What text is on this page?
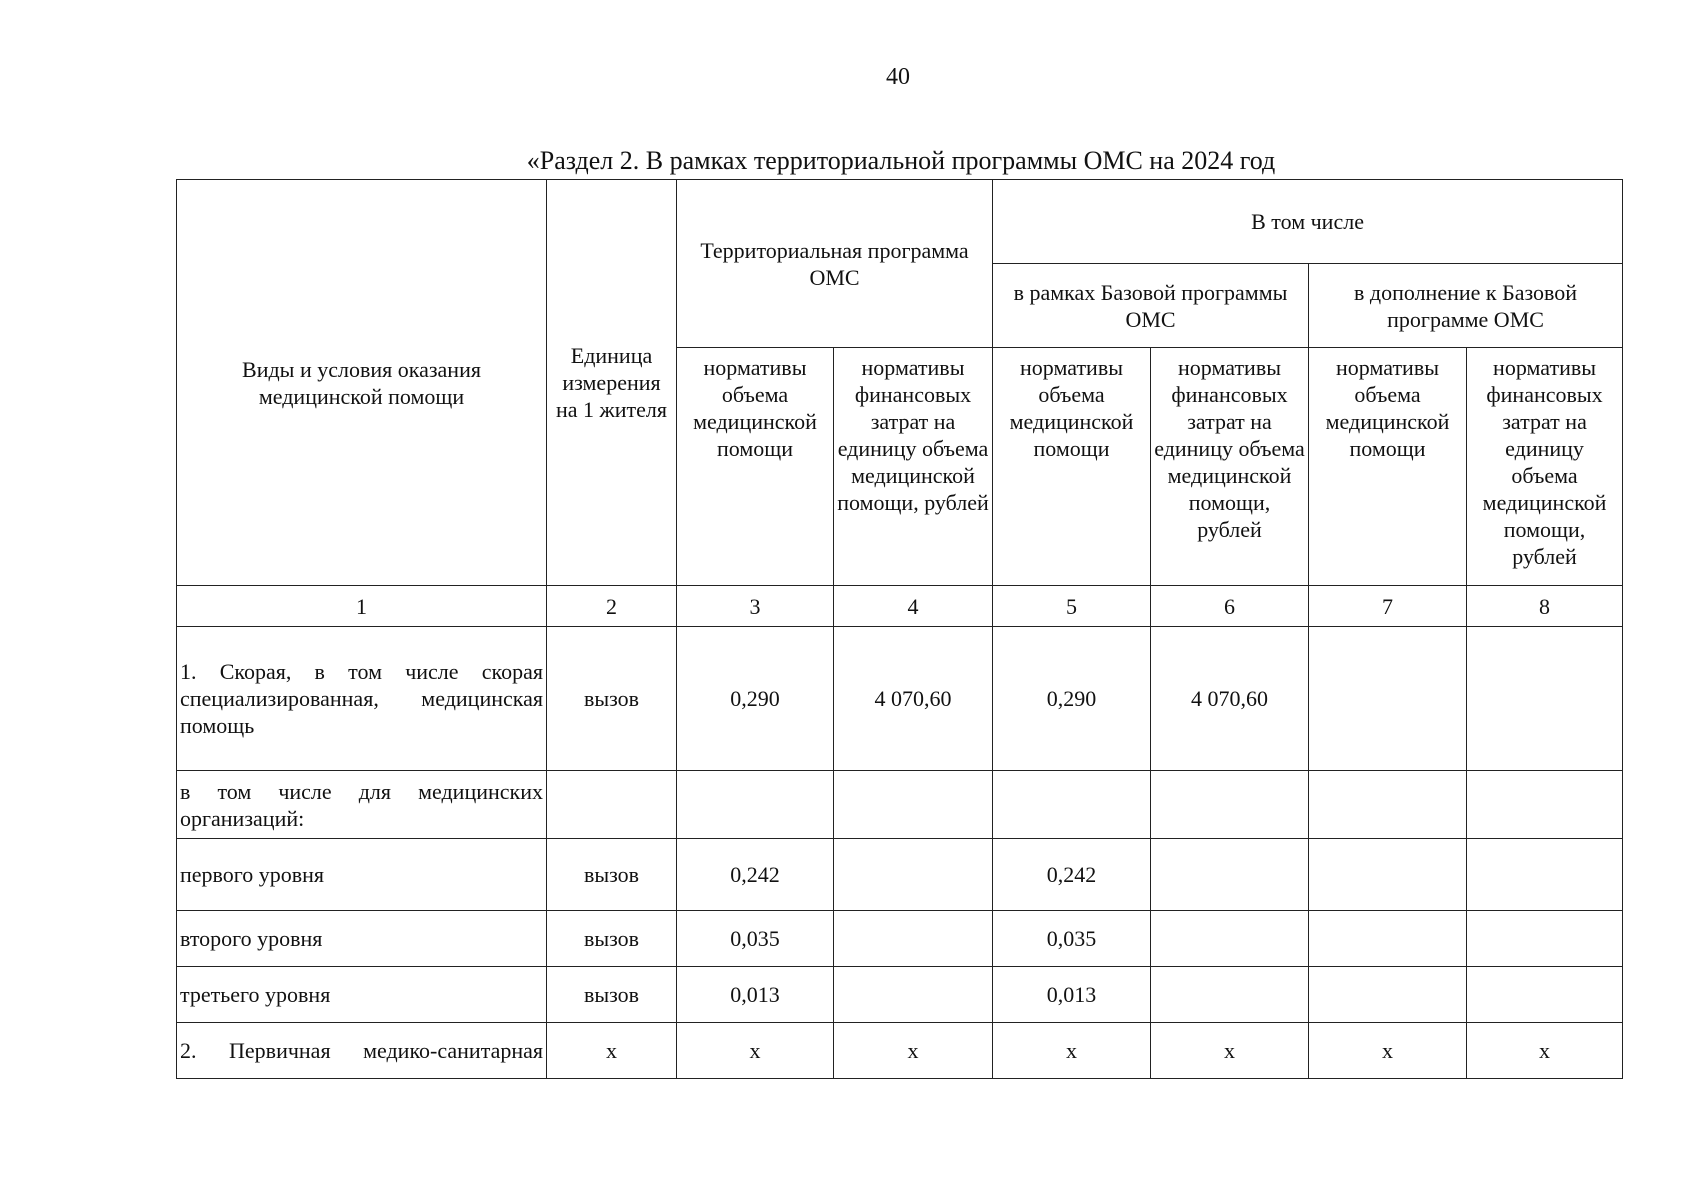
40
«Раздел 2. В рамках территориальной программы ОМС на 2024 год
Виды и условия оказания медицинской помощи	Единица измерения на 1 жителя	Территориальная программа ОМС		В том числе			
				в рамках Базовой программы ОМС		в дополнение к Базовой программе ОМС	
		нормативы объема медицинской помощи	нормативы финансовых затрат на единицу объема медицинской помощи, рублей	нормативы объема медицинской помощи	нормативы финансовых затрат на единицу объема медицинской помощи, рублей	нормативы объема медицинской помощи	нормативы финансовых затрат на единицу объема медицинской помощи, рублей
1	2	3	4	5	6	7	8

1. Скорая, в том числе скорая специализированная, медицинская помощь	вызов	0,290	4 070,60	0,290	4 070,60		

в том числе для медицинских организаций:							

первого уровня	вызов	0,242		0,242			
второго уровня	вызов	0,035		0,035			
третьего уровня	вызов	0,013		0,013			

2. Первичная медико-санитарная	х	х	х	х	х	х	х
